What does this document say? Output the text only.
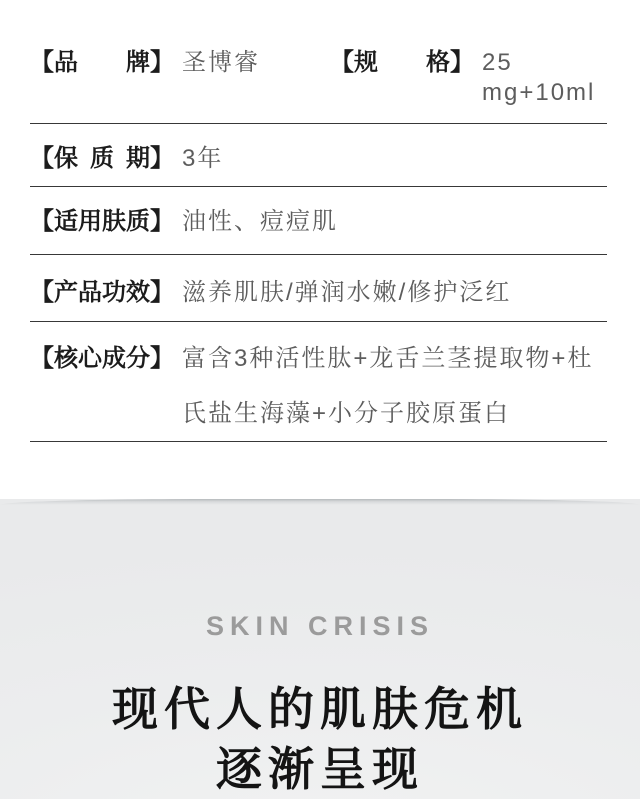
【 品牌 】 圣博睿	【 规格 】 25 mg+10ml
【 保质期 】 3年
【 适用肤质 】 油性、痘痘肌
【 产品功效 】 滋养肌肤/弹润水嫩/修护泛红
【 核心成分 】 富含3种活性肽+龙舌兰茎提取物+杜氏盐生海藻+小分子胶原蛋白
SKIN CRISIS
现代人的肌肤危机
逐渐呈现
